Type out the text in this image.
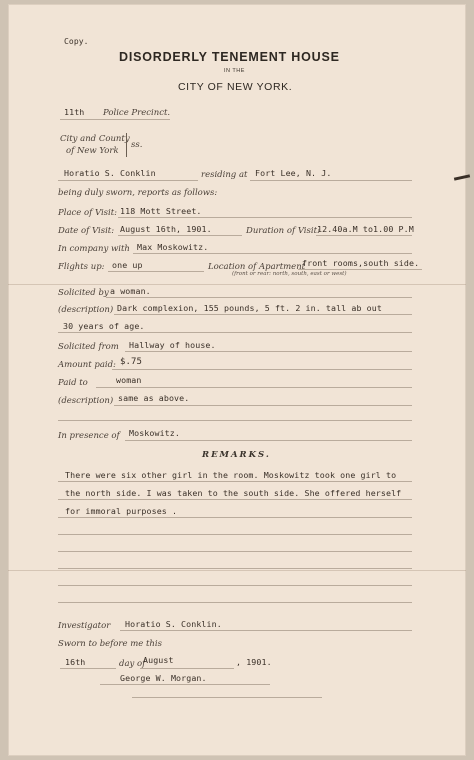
Copy.
DISORDERLY TENEMENT HOUSE
IN THE
CITY OF NEW YORK.
11th Police Precinct.
City and County
of New York
ss.
Horatio S. Conklin	residing at Fort Lee, N. J.
being duly sworn, reports as follows:
Place of Visit: 118 Mott Street.
Date of Visit: August 16th, 1901.	Duration of Visit:
12.40a.M to1.00 P.M
In company with Max Moskowitz.
Flights up: one up	Location of Apartment
front rooms,south side.
(front or rear: north, south, east or west)
Solicited by a woman.
(description) Dark complexion, 155 pounds, 5 ft. 2 in. tall ab out
30 years of age.
Solicited from Hallway of house.
Amount paid: $.75
Paid to	woman
(description) same as above.
In presence of Moskowitz.
REMARKS.
There were six other girl in the room. Moskowitz took one girl to
the north side. I was taken to the south side. She offered herself
for immoral purposes .
Investigator Horatio S. Conklin.
Sworn to before me this
16th	day of
August	, 1901.
George W. Morgan.
